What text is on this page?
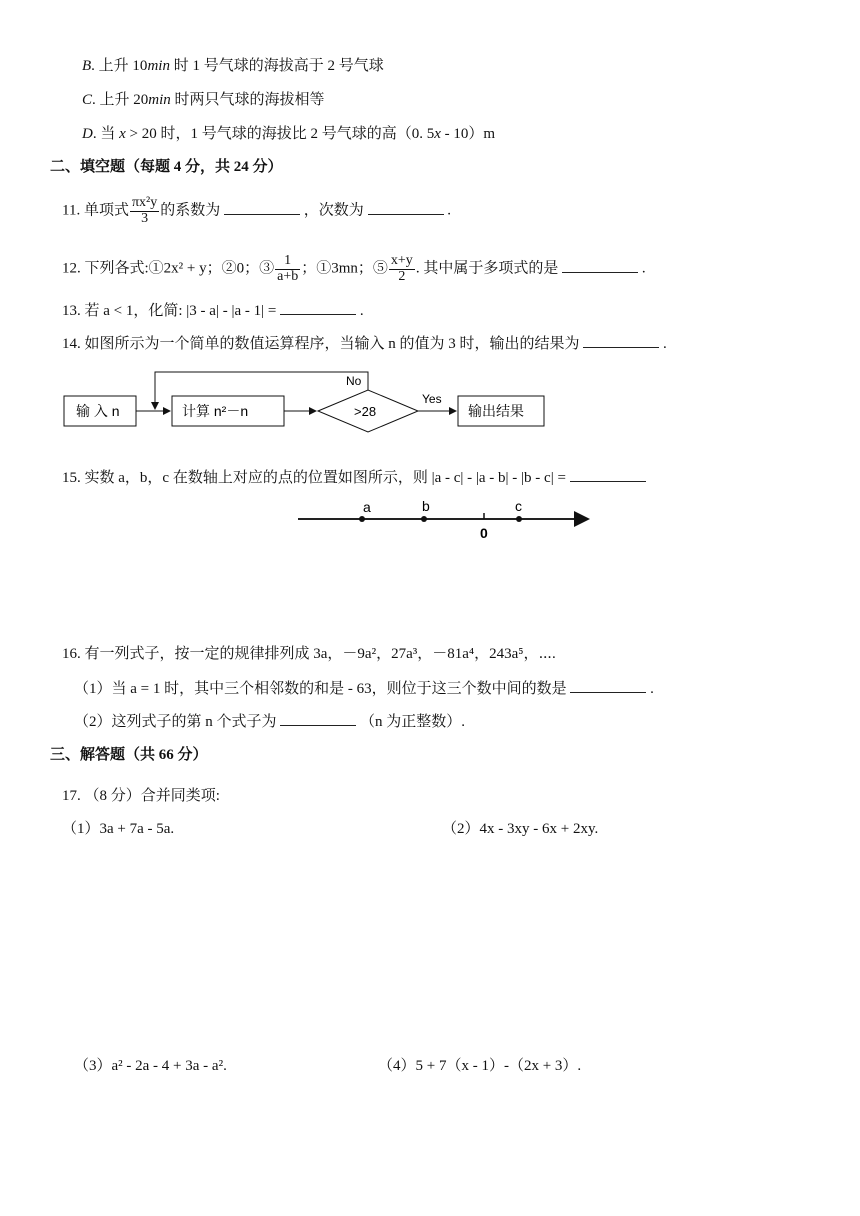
B. 上升 10min 时 1 号气球的海拔高于 2 号气球
C. 上升 20min 时两只气球的海拔相等
D. 当 x > 20 时，1 号气球的海拔比 2 号气球的高（0. 5x - 10）m
二、填空题（每题 4 分，共 24 分）
11. 单项式 $\frac{\text{πx²y}}{3}$ 的系数为	，次数为	.
12. 下列各式:①2x² + y；②0；③ $\frac{1}{a+b}$ ；①3mn；⑤ $\frac{x+y}{2}$ . 其中属于多项式的是	.
13. 若 a < 1，化简: |3 - a| - |a - 1| =	.
14. 如图所示为一个简单的数值运算程序，当输入 n 的值为 3 时，输出的结果为	.
输 入 n	计算 n²－n	>28
No
Yes
输出结果
15. 实数 a，b，c 在数轴上对应的点的位置如图所示，则 |a - c| - |a - b| - |b - c| =
a	b
0
c
16. 有一列式子，按一定的规律排列成 3a，－9a²，27a³，－81a⁴，243a⁵，⋯.
（1）当 a = 1 时，其中三个相邻数的和是 - 63，则位于这三个数中间的数是	.
（2）这列式子的第 n 个式子为	（n 为正整数）.
三、解答题（共 66 分）
17. （8 分）合并同类项:
（1）3a + 7a - 5a.	（2）4x - 3xy - 6x + 2xy.
（3）a² - 2a - 4 + 3a - a².	（4）5 + 7（x - 1）-（2x + 3）.
